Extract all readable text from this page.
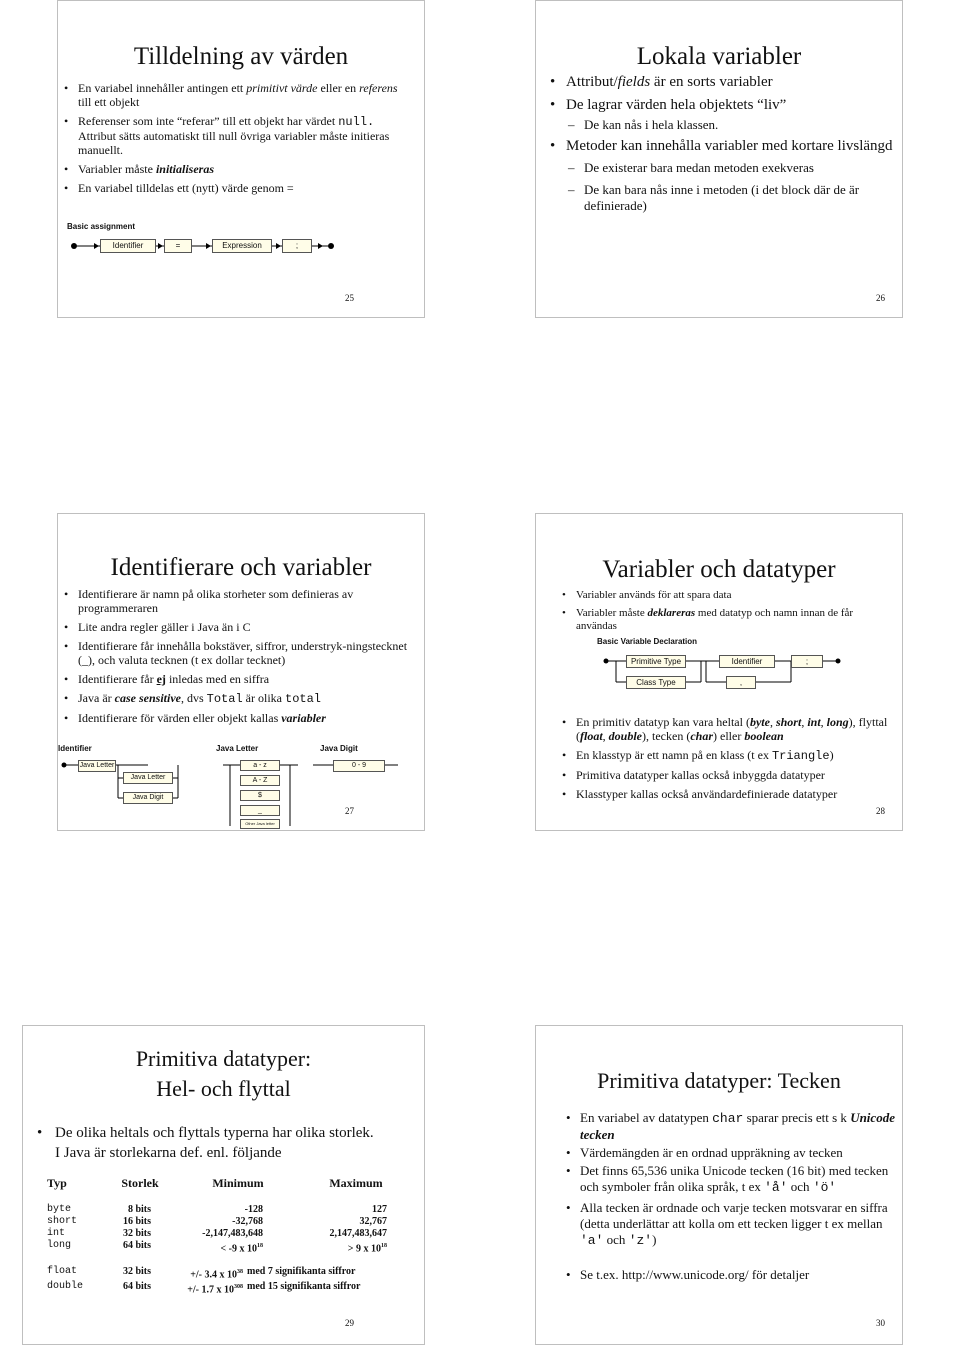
Tilldelning av värden
• En variabel innehåller antingen ett primitivt värde eller en referens till ett objekt
• Referenser som inte “referar” till ett objekt har värdet null. Attribut sätts automatiskt till null övriga variabler måste initieras manuellt.
• Variabler måste initialiseras
• En variabel tilldelas ett (nytt) värde genom =
Basic assignment
Identifier	=	Expression	;
25
Lokala variabler
• Attribut/fields är en sorts variabler
• De lagrar värden hela objektets “liv”
– De kan nås i hela klassen.
• Metoder kan innehålla variabler med kortare livslängd
– De existerar bara medan metoden exekveras
– De kan bara nås inne i metoden (i det block där de är definierade)
26
Identifierare och variabler
• Identifierare är namn på olika storheter som definieras av programmeraren
• Lite andra regler gäller i Java än i C
• Identifierare får innehålla bokstäver, siffror, understryk-ningstecknet (_), och valuta tecknen (t ex dollar tecknet)
• Identifierare får ej inledas med en siffra
• Java är case sensitive, dvs Total är olika total
• Identifierare för värden eller objekt kallas variabler
Identifier	Java Letter	Java Digit
Java Letter
Java Letter
Java Digit
a - z
A - Z
$
_
Other Java letter
0 - 9
27
Variabler och datatyper
• Variabler används för att spara data
• Variabler måste deklareras med datatyp och namn innan de får användas
Basic Variable Declaration
Primitive Type
Class Type
Identifier	;
,
• En primitiv datatyp kan vara heltal (byte, short, int, long), flyttal (float, double), tecken (char) eller boolean
• En klasstyp är ett namn på en klass (t ex Triangle)
• Primitiva datatyper kallas också inbyggda datatyper
• Klasstyper kallas också användardefinierade datatyper
28
Primitiva datatyper:
Hel- och flyttal
• De olika heltals och flyttals typerna har olika storlek. I Java är storlekarna def. enl. följande
Typ	Storlek	Minimum	Maximum
byte	8 bits	-128	127
short	16 bits	-32,768	32,767
int	32 bits	-2,147,483,648	2,147,483,647
long	64 bits	< -9 x $10^{18}$	> 9 x $10^{18}$
float	32 bits	+/- 3.4 x $10^{38}$ med 7 signifikanta siffror
double	64 bits	+/- 1.7 x $10^{308}$ med 15 signifikanta siffror
29
Primitiva datatyper: Tecken
• En variabel av datatypen char sparar precis ett s k Unicode tecken
• Värdemängden är en ordnad uppräkning av tecken
• Det finns 65,536 unika Unicode tecken (16 bit) med tecken och symboler från olika språk, t ex 'å' och 'ö'
• Alla tecken är ordnade och varje tecken motsvarar en siffra (detta underlättar att kolla om ett tecken ligger t ex mellan 'a' och 'z')
• Se t.ex. http://www.unicode.org/ för detaljer
30
